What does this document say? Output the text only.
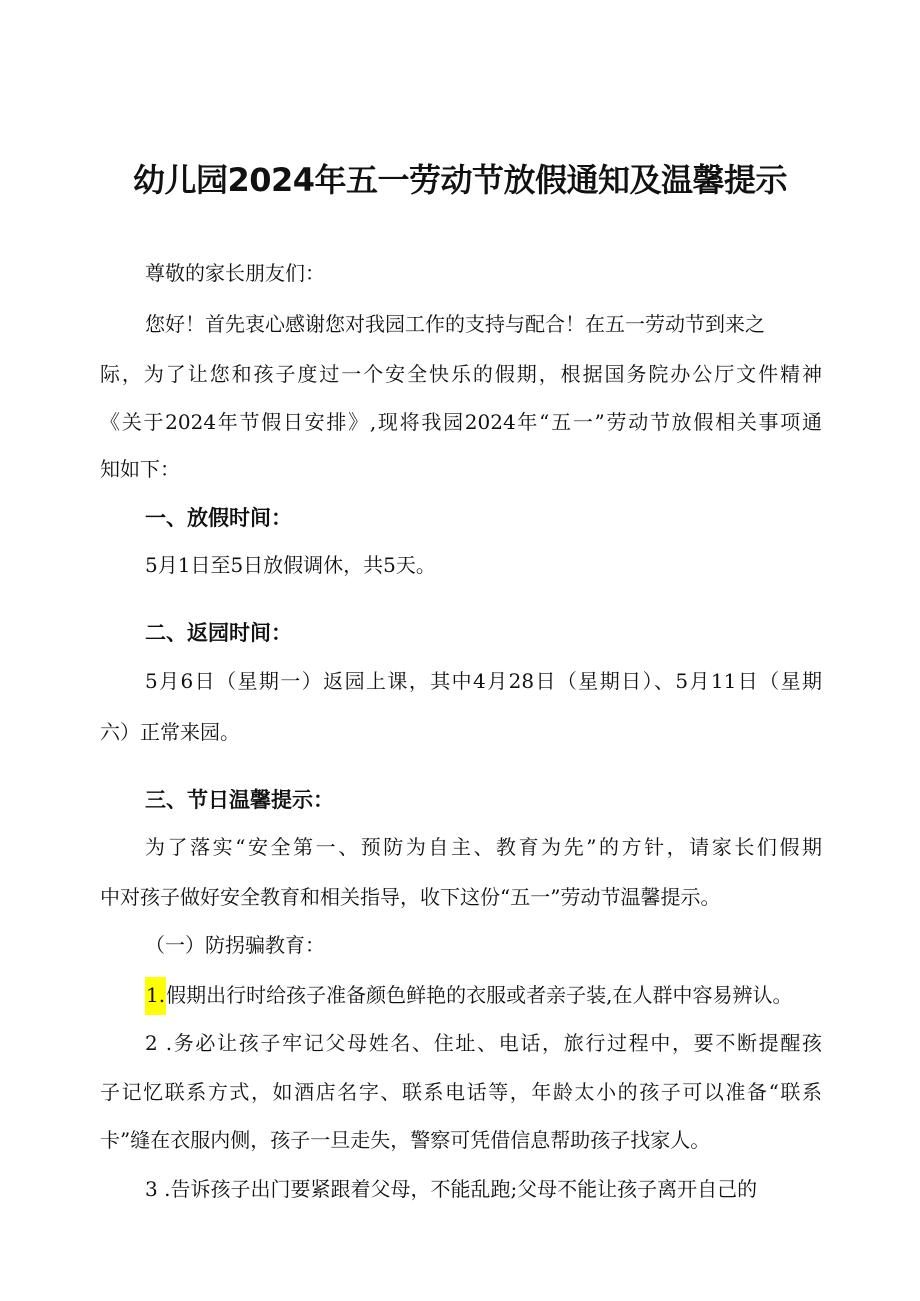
幼儿园2024年五一劳动节放假通知及温馨提示

尊敬的家长朋友们：

您好！首先衷心感谢您对我园工作的支持与配合！在五一劳动节到来之

际，为了让您和孩子度过一个安全快乐的假期，根据国务院办公厅文件精神

《关于2024年节假日安排》,现将我园2024年“五一”劳动节放假相关事项通

知如下：

一、放假时间：

5月1日至5日放假调休，共5天。

二、返园时间：

5月6日（星期一）返园上课，其中4月28日（星期日）、5月11日（星期

六）正常来园。

三、节日温馨提示：

为了落实“安全第一、预防为自主、教育为先”的方针，请家长们假期

中对孩子做好安全教育和相关指导，收下这份“五一”劳动节温馨提示。

（一）防拐骗教育：

1.假期出行时给孩子准备颜色鲜艳的衣服或者亲子装,在人群中容易辨认。

2 .务必让孩子牢记父母姓名、住址、电话，旅行过程中，要不断提醒孩

子记忆联系方式，如酒店名字、联系电话等，年龄太小的孩子可以准备“联系

卡”缝在衣服内侧，孩子一旦走失，警察可凭借信息帮助孩子找家人。

3 .告诉孩子出门要紧跟着父母，不能乱跑;父母不能让孩子离开自己的
